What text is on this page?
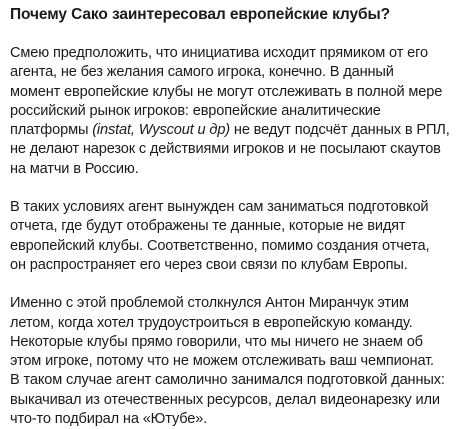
Почему Сако заинтересовал европейские клубы?
Смею предположить, что инициатива исходит прямиком от его
агента, не без желания самого игрока, конечно. В данный
момент европейские клубы не могут отслеживать в полной мере
российский рынок игроков: европейские аналитические
платформы (instat, Wyscout и др) не ведут подсчёт данных в РПЛ,
не делают нарезок с действиями игроков и не посылают скаутов
на матчи в Россию.
В таких условиях агент вынужден сам заниматься подготовкой
отчета, где будут отображены те данные, которые не видят
европейский клубы. Соответственно, помимо создания отчета,
он распространяет его через свои связи по клубам Европы.
Именно с этой проблемой столкнулся Антон Миранчук этим
летом, когда хотел трудоустроиться в европейскую команду.
Некоторые клубы прямо говорили, что мы ничего не знаем об
этом игроке, потому что не можем отслеживать ваш чемпионат.
В таком случае агент самолично занимался подготовкой данных:
выкачивал из отечественных ресурсов, делал видеонарезку или
что-то подбирал на «Ютубе».
